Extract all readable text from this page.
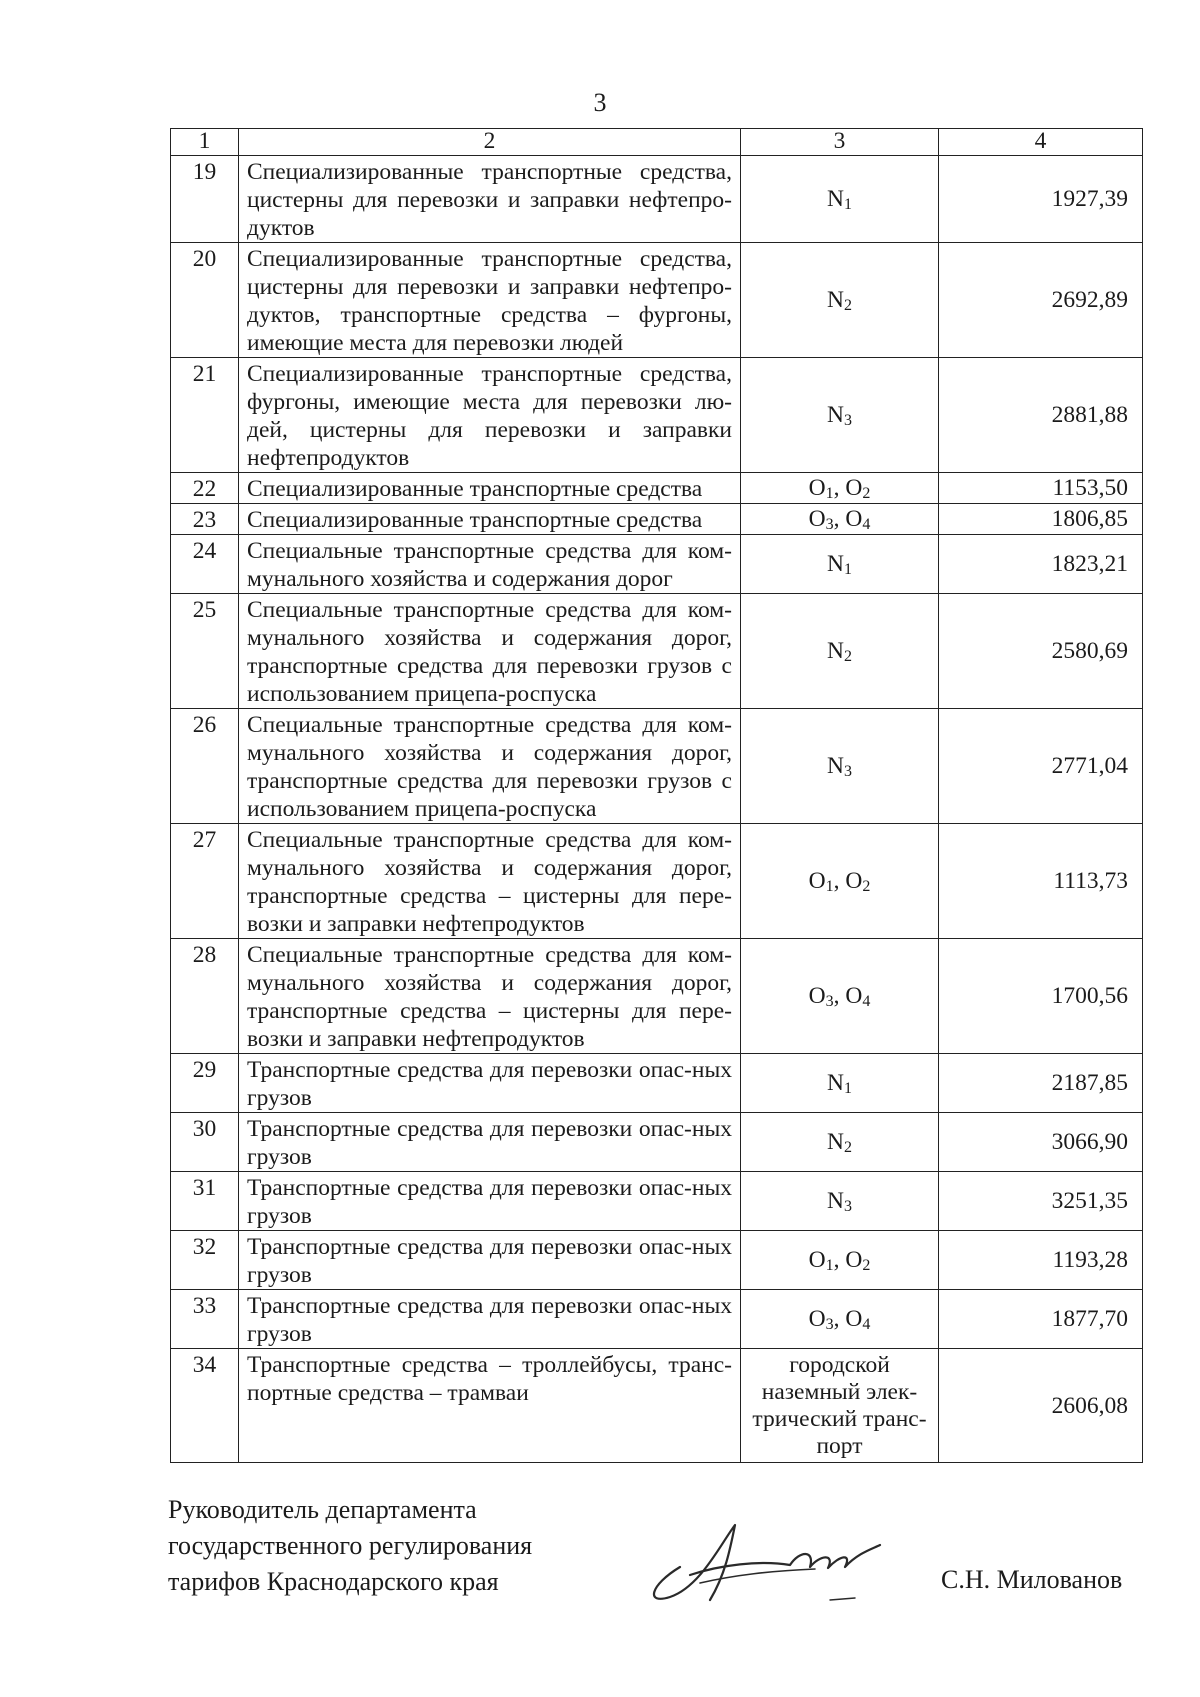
3
1	2	3	4
19	Специализированные транспортные средства, цистерны для перевозки и заправки нефтепро-дуктов	$N_1$	1927,39
20	Специализированные транспортные средства, цистерны для перевозки и заправки нефтепро-дуктов, транспортные средства – фургоны, имеющие места для перевозки людей	$N_2$	2692,89
21	Специализированные транспортные средства, фургоны, имеющие места для перевозки лю-дей, цистерны для перевозки и заправки нефтепродуктов	$N_3$	2881,88
22	Специализированные транспортные средства	$O_1$, $O_2$	1153,50
23	Специализированные транспортные средства	$O_3$, $O_4$	1806,85
24	Специальные транспортные средства для ком-мунального хозяйства и содержания дорог	$N_1$	1823,21
25	Специальные транспортные средства для ком-мунального хозяйства и содержания дорог, транспортные средства для перевозки грузов с использованием прицепа-роспуска	$N_2$	2580,69
26	Специальные транспортные средства для ком-мунального хозяйства и содержания дорог, транспортные средства для перевозки грузов с использованием прицепа-роспуска	$N_3$	2771,04
27	Специальные транспортные средства для ком-мунального хозяйства и содержания дорог, транспортные средства – цистерны для пере-возки и заправки нефтепродуктов	$O_1$, $O_2$	1113,73
28	Специальные транспортные средства для ком-мунального хозяйства и содержания дорог, транспортные средства – цистерны для пере-возки и заправки нефтепродуктов	$O_3$, $O_4$	1700,56
29	Транспортные средства для перевозки опас-ных грузов	$N_1$	2187,85
30	Транспортные средства для перевозки опас-ных грузов	$N_2$	3066,90
31	Транспортные средства для перевозки опас-ных грузов	$N_3$	3251,35
32	Транспортные средства для перевозки опас-ных грузов	$O_1$, $O_2$	1193,28
33	Транспортные средства для перевозки опас-ных грузов	$O_3$, $O_4$	1877,70
34	Транспортные средства – троллейбусы, транс-портные средства – трамваи	городской наземный элек-трический транс-порт	2606,08
Руководитель департамента
государственного регулирования
тарифов Краснодарского края	С.Н. Милованов
